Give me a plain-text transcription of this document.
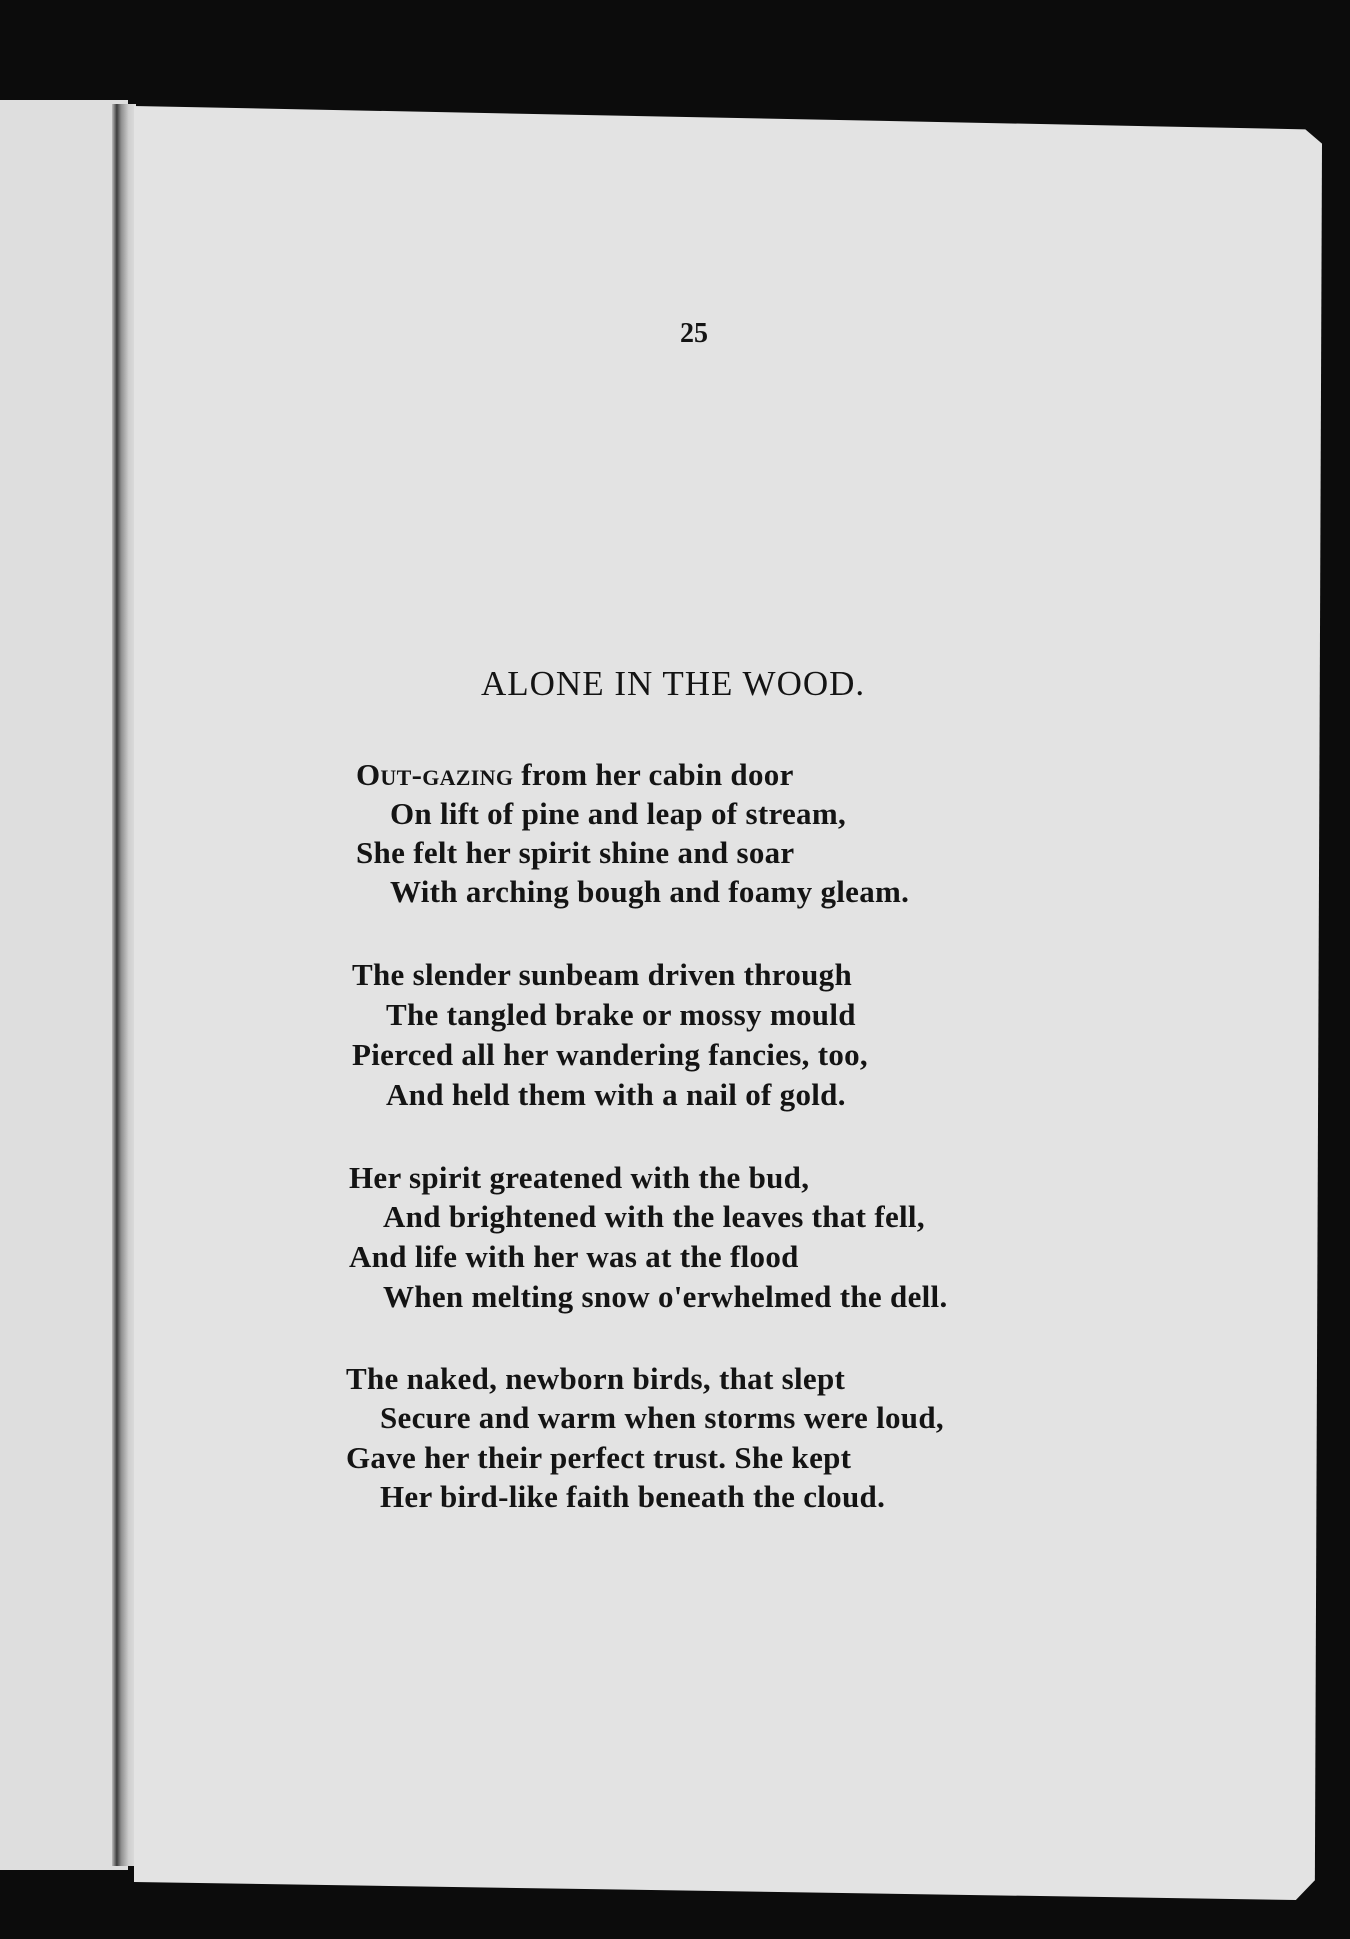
25
ALONE IN THE WOOD.
Out-gazing from her cabin door
On lift of pine and leap of stream,
She felt her spirit shine and soar
With arching bough and foamy gleam.
The slender sunbeam driven through
The tangled brake or mossy mould
Pierced all her wandering fancies, too,
And held them with a nail of gold.
Her spirit greatened with the bud,
And brightened with the leaves that fell,
And life with her was at the flood
When melting snow o'erwhelmed the dell.
The naked, newborn birds, that slept
Secure and warm when storms were loud,
Gave her their perfect trust. She kept
Her bird-like faith beneath the cloud.
